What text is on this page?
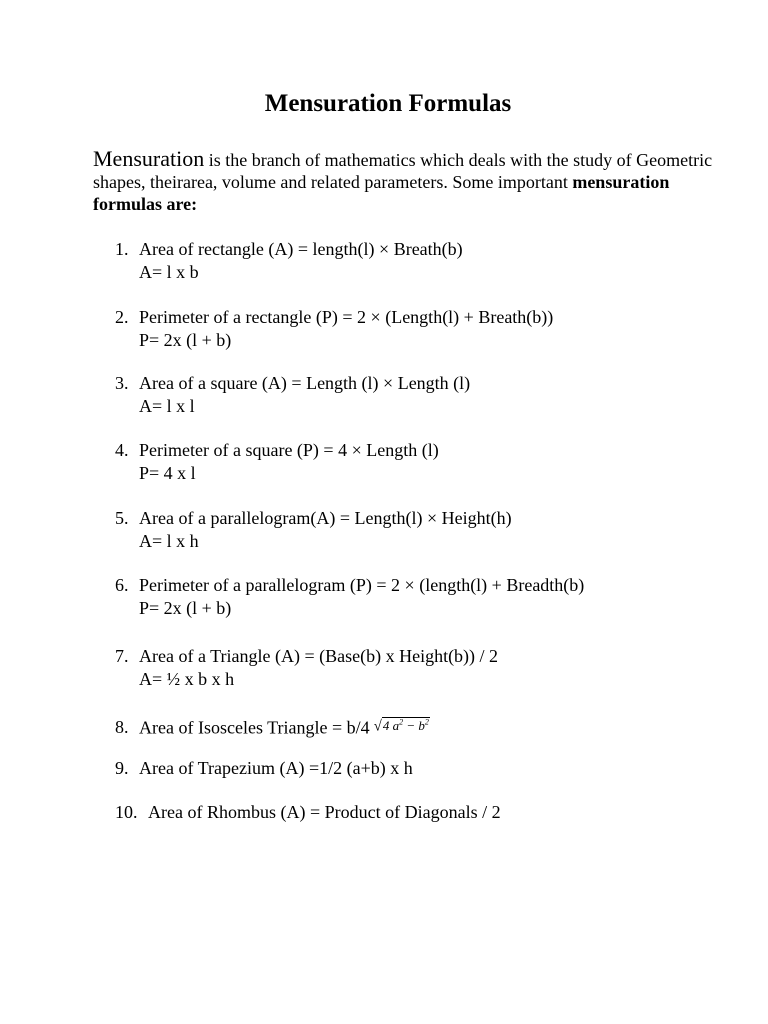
Mensuration Formulas
Mensuration is the branch of mathematics which deals with the study of Geometric shapes, theirarea, volume and related parameters. Some important mensuration formulas are:
1. Area of rectangle (A) = length(l) × Breath(b)
A= l x b
2. Perimeter of a rectangle (P) = 2 × (Length(l) + Breath(b))
P= 2x (l + b)
3. Area of a square (A) = Length (l) × Length (l)
A= l x l
4. Perimeter of a square (P) = 4 × Length (l)
P= 4 x l
5. Area of a parallelogram(A) = Length(l) × Height(h)
A= l x h
6. Perimeter of a parallelogram (P) = 2 × (length(l) + Breadth(b)
P= 2x (l + b)
7. Area of a Triangle (A) = (Base(b) x Height(b)) / 2
A= ½ x b x h
8. Area of Isosceles Triangle = b/4 √4 $a^2 - b^2$
9. Area of Trapezium (A) =1/2 (a+b) x h
10. Area of Rhombus (A) = Product of Diagonals / 2
